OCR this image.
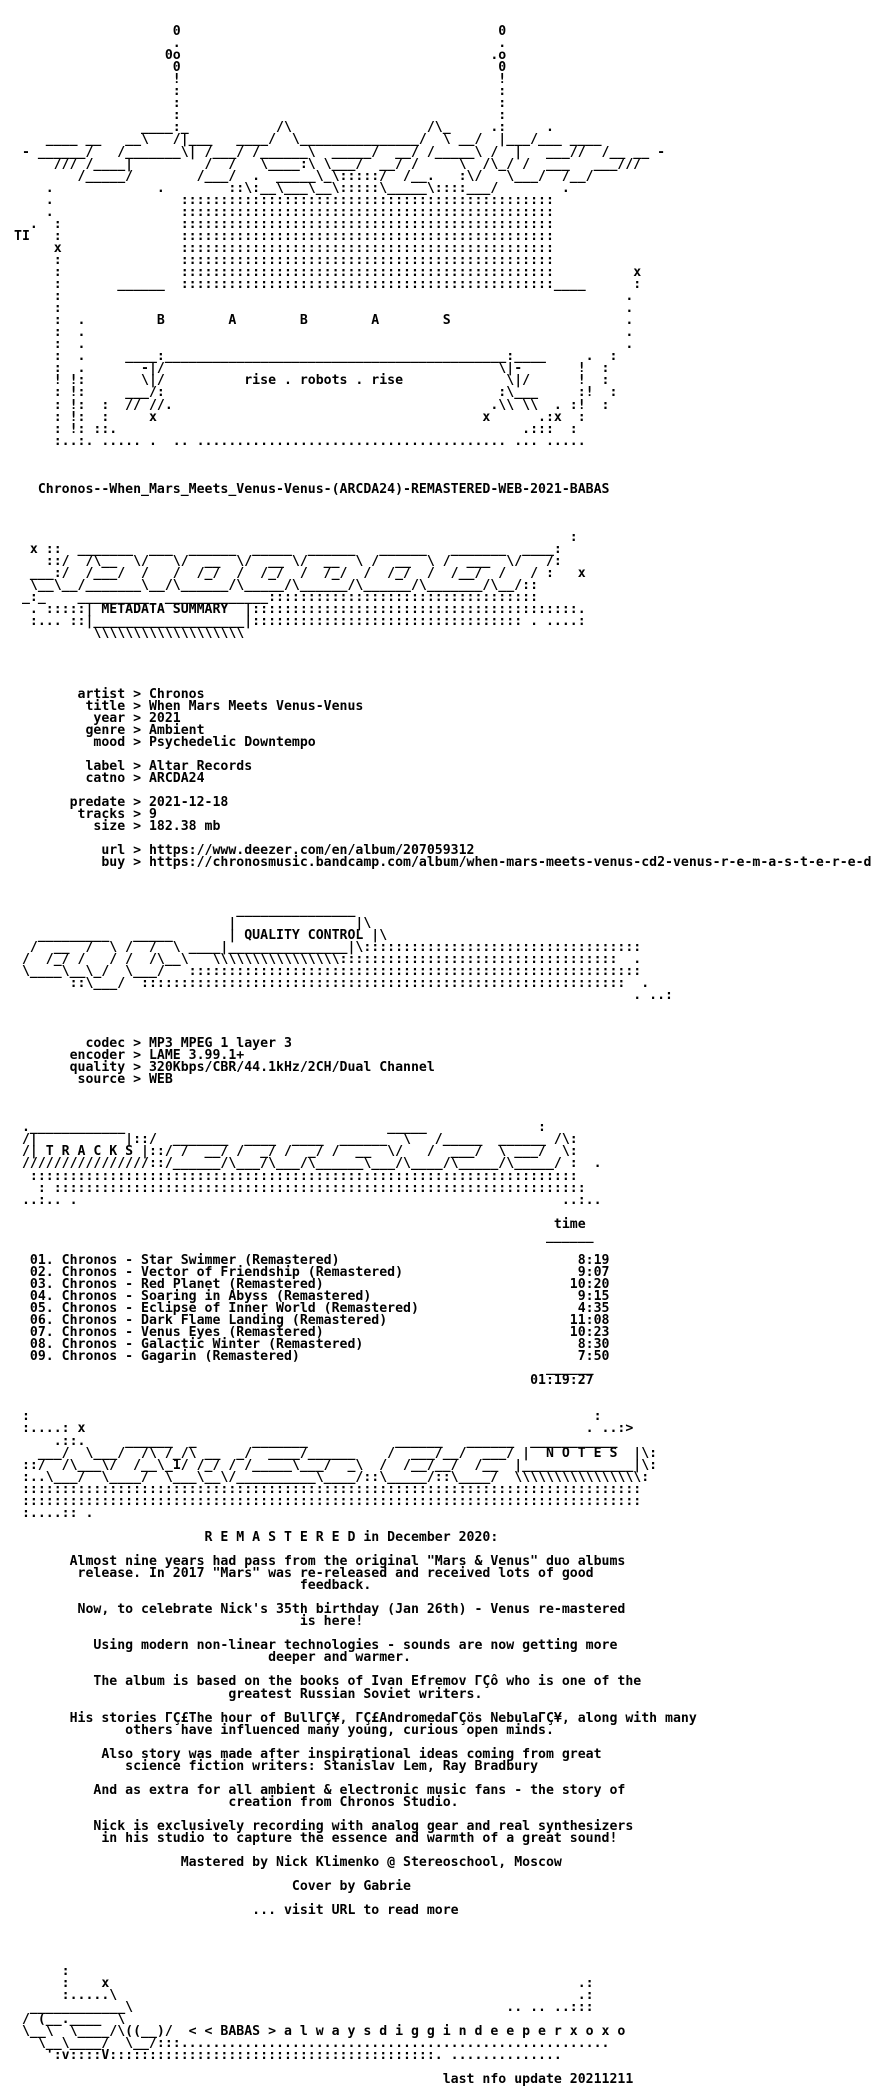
0                                        0
.                                        .
0o                                       .o
0                                        0
!                                        !
:                                        :
:                                        :
:                                        :
____:_           /\                 /\_     .:     .
____ __   __\   /|___   ____/  \_______________/  \ __/  |___/___ ____
- ______/   /_______\| /___/ /______\  _____/  __/ /_____\ /  |   ___//  /__ __ -
/// /____|         /  /   \____:\ \___/  __/ /     \  /\_/ /  ___   ___///
/_____/        /___/  .  _____\_\:::::/  /__.   :\/   \___/  /__/
.             .        ::\:__\___\__\:::::\_____\::::___/        .
.                :::::::::::::::::::::::::::::::::::::::::::::::
.                :::::::::::::::::::::::::::::::::::::::::::::::
.  :               :::::::::::::::::::::::::::::::::::::::::::::::
TI   :               :::::::::::::::::::::::::::::::::::::::::::::::
x               :::::::::::::::::::::::::::::::::::::::::::::::
:               :::::::::::::::::::::::::::::::::::::::::::::::
:               :::::::::::::::::::::::::::::::::::::::::::::::          x
:       ______  :::::::::::::::::::::::::::::::::::::::::::::::____      :
:                                                                       .
:                                                                       .
:  .         B        A        B        A        S                      .
:  .                                                                    .
:  .                                                                    .
:  .     ____:___________________________________________:____     .  :
:  .       -|/                                          \|-       !  :
! !:       \|/          rise . robots . rise             \|/      !  :
: !:     ___/:                                          :\___     :!  :
: !:  :  // //.                                        .\\ \\  . :!  :
: !:  :     x                                         x      .:x  :
: !: ::.                                                   .:::  :
:..:. ..... .  .. ....................................... ... .....

Chronos--When_Mars_Meets_Venus-Venus-(ARCDA24)-REMASTERED-WEB-2021-BABAS

:
x ::  _______  ___  ______  _____  ______   ______   _______  ____:
::/  /\__  \/   \/  __  \/  __ \/  __  \ /  __  \ /  ___  \/   /:
___:/  /___/  /   /  /_/  /  /_/  /  /_/  /  /_/  /  /__/  /   / :   x
\__\__/_______\__/\______/\_____/\______/\______/\_______/\__/::
_:_    _________  _____________::::::::::::::::::::::::::::::::::
. :::::| METADATA SUMMARY  |:::::::::::::::::::::::::::::::::::::::::.
:... ::|___________________|:::::::::::::::::::::::::::::::::: . ....:
\\\\\\\\\\\\\\\\\\\

artist > Chronos
title > When Mars Meets Venus-Venus
year > 2021
genre > Ambient
mood > Psychedelic Downtempo

label > Altar Records
catno > ARCDA24

predate > 2021-12-18
tracks > 9
size > 182.38 mb

url > https://www.deezer.com/en/album/207059312
buy > https://chronosmusic.bandcamp.com/album/when-mars-meets-venus-cd2-venus-r-e-m-a-s-t-e-r-e-d

_______________
|               |\
_________   _____       | QUALITY CONTROL |\
/  __  /  \ /  /  \ ____|_______________|\:::::::::::::::::::::::::::::::::::
/  /_/ /   / /  /\__\   \\\\\\\\\\\\\\\\:::::::::::::::::::::::::::::::::::  .
\____\__\_/  \___/   :::::::::::::::::::::::::::::::::::::::::::::::::::::::::
::\___/  :::::::::::::::::::::::::::::::::::::::::::::::::::::::::::::  .
. ..:

codec > MP3 MPEG 1 layer 3
encoder > LAME 3.99.1+
quality > 320Kbps/CBR/44.1kHz/2CH/Dual Channel
source > WEB

.____________                                 _____              :
/|           |::/  _______  ____  ____  ______  \   /_____  ______ /\:
/| T R A C K S |::/ /  __/ /  _/ /  _/ /  __  \/   /  ___/  \ ___/  \:
////////////////::/______/\___/\___/\______\___/\____/\_____/\_____/ :  .
:::::::::::::::::::::::::::::::::::::::::::::::::::::::::::::::::::::
: :::::::::::::::::::::::::::::::::::::::::::::::::::::::::::::::::::
..:.. .                                                             ..:..

time
______

01. Chronos - Star Swimmer (Remastered)                              8:19
02. Chronos - Vector of Friendship (Remastered)                      9:07
03. Chronos - Red Planet (Remastered)                               10:20
04. Chronos - Soaring in Abyss (Remastered)                          9:15
05. Chronos - Eclipse of Inner World (Remastered)                    4:35
06. Chronos - Dark Flame Landing (Remastered)                       11:08
07. Chronos - Venus Eyes (Remastered)                               10:23
08. Chronos - Galactic Winter (Remastered)                           8:30
09. Chronos - Gagarin (Remastered)                                   7:50
______
01:19:27

:                                                                       :
:....: x                                                               . ..:>
.::.     ______  _       _______           ______   ______  ___________
___/  \___/  /\ /_/\ __  _/  ____/______    /  ___/__/  ___/ |  N O T E S  |\:
::/  /\___\/  /__\_1/ /_/ / /_____\___/  _\  /  /__/__/  /__  |______________|\:
:..\___/  \____/  \___\__\/__________\____/::\_____/::\____/  \\\\\\\\\\\\\\\\:
::::::::::::::::::::::::::::::::::::::::::::::::::::::::::::::::::::::::::::::
::::::::::::::::::::::::::::::::::::::::::::::::::::::::::::::::::::::::::::::
:....:: .

R E M A S T E R E D in December 2020:

Almost nine years had pass from the original "Mars & Venus" duo albums
release. In 2017 "Mars" was re-released and received lots of good
feedback.

Now, to celebrate Nick's 35th birthday (Jan 26th) - Venus re-mastered
is here!

Using modern non-linear technologies - sounds are now getting more
deeper and warmer.

The album is based on the books of Ivan Efremov ГÇô who is one of the
greatest Russian Soviet writers.

His stories ГÇ£The hour of BullГÇ¥, ГÇ£AndromedaГÇös NebulaГÇ¥, along with many
others have influenced many young, curious open minds.

Also story was made after inspirational ideas coming from great
science fiction writers: Stanislav Lem, Ray Bradbury

And as extra for all ambient & electronic music fans - the story of
creation from Chronos Studio.

Nick is exclusively recording with analog gear and real synthesizers
in his studio to capture the essence and warmth of a great sound!

Mastered by Nick Klimenko @ Stereoschool, Moscow

Cover by Gabrie

... visit URL to read more

:
:    x                                                           .:
:.....\                                                          .:
____________\                                               .. .. ..:::
/ (__.____  \
\__\  \____/\((__)/  < < BABAS > a l w a y s d i g g i n d e e p e r x o x o
\__\____/  \__/:::......................................................
':v::::V:::::::::::::::::::::::::::::::::::::::::. ..............

last nfo update 20211211
